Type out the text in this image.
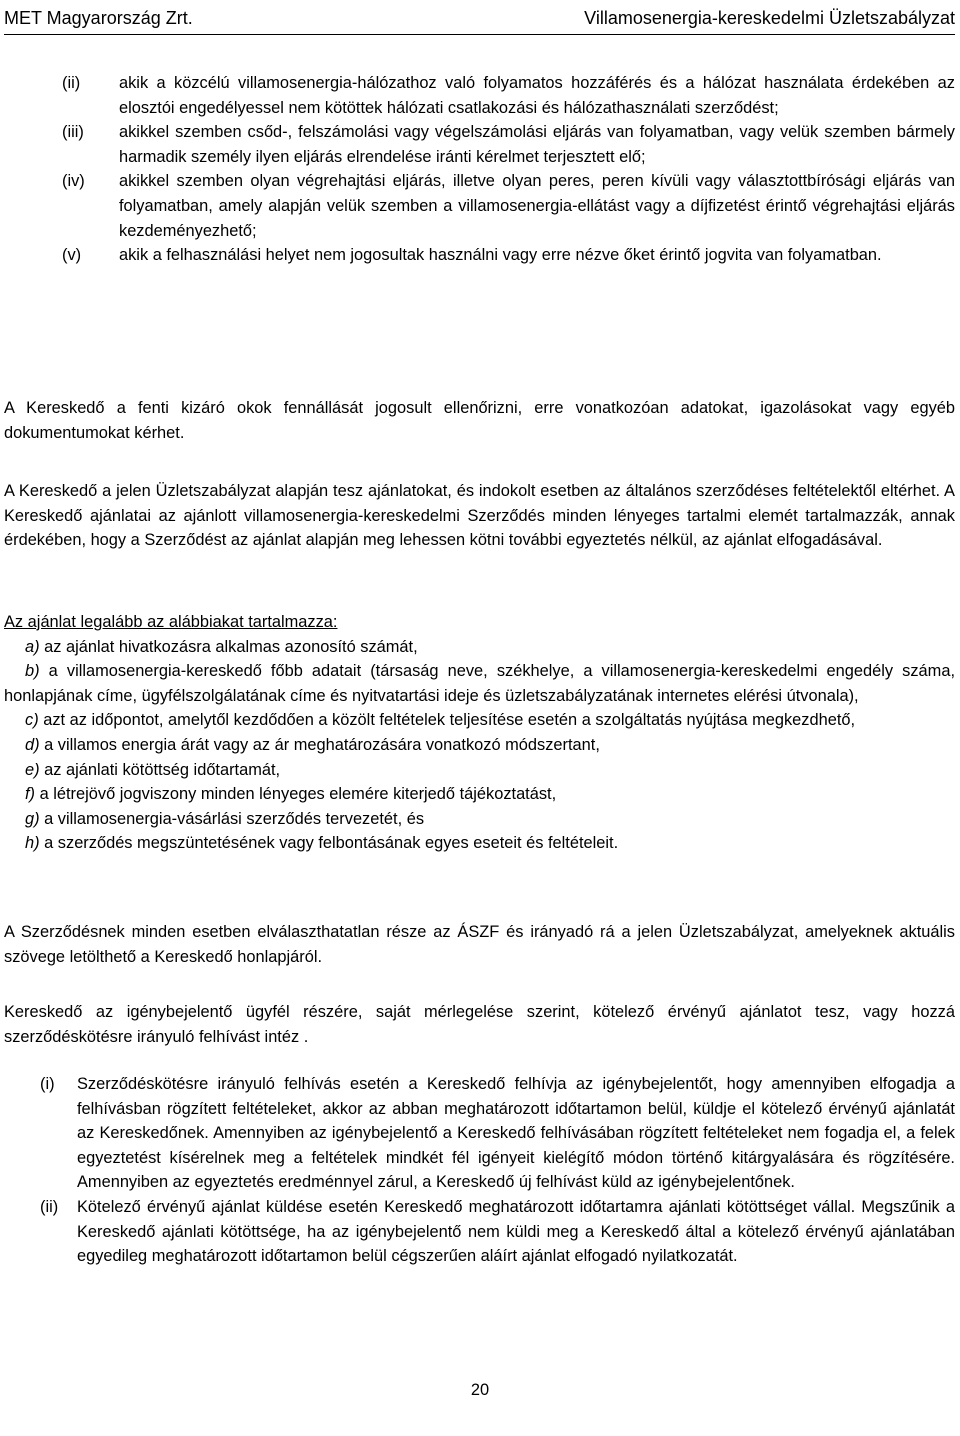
MET Magyarország Zrt.	Villamosenergia-kereskedelmi Üzletszabályzat
(ii) akik a közcélú villamosenergia-hálózathoz való folyamatos hozzáférés és a hálózat használata érdekében az elosztói engedélyessel nem kötöttek hálózati csatlakozási és hálózathasználati szerződést;
(iii) akikkel szemben csőd-, felszámolási vagy végelszámolási eljárás van folyamatban, vagy velük szemben bármely harmadik személy ilyen eljárás elrendelése iránti kérelmet terjesztett elő;
(iv) akikkel szemben olyan végrehajtási eljárás, illetve olyan peres, peren kívüli vagy választottbírósági eljárás van folyamatban, amely alapján velük szemben a villamosenergia-ellátást vagy a díjfizetést érintő végrehajtási eljárás kezdeményezhető;
(v) akik a felhasználási helyet nem jogosultak használni vagy erre nézve őket érintő jogvita van folyamatban.
A Kereskedő a fenti kizáró okok fennállását jogosult ellenőrizni, erre vonatkozóan adatokat, igazolásokat vagy egyéb dokumentumokat kérhet.
A Kereskedő a jelen Üzletszabályzat alapján tesz ajánlatokat, és indokolt esetben az általános szerződéses feltételektől eltérhet. A Kereskedő ajánlatai az ajánlott villamosenergia-kereskedelmi Szerződés minden lényeges tartalmi elemét tartalmazzák, annak érdekében, hogy a Szerződést az ajánlat alapján meg lehessen kötni további egyeztetés nélkül, az ajánlat elfogadásával.
Az ajánlat legalább az alábbiakat tartalmazza:
a) az ajánlat hivatkozásra alkalmas azonosító számát,
b) a villamosenergia-kereskedő főbb adatait (társaság neve, székhelye, a villamosenergia-kereskedelmi engedély száma, honlapjának címe, ügyfélszolgálatának címe és nyitvatartási ideje és üzletszabályzatának internetes elérési útvonala),
c) azt az időpontot, amelytől kezdődően a közölt feltételek teljesítése esetén a szolgáltatás nyújtása megkezdhető,
d) a villamos energia árát vagy az ár meghatározására vonatkozó módszertant,
e) az ajánlati kötöttség időtartamát,
f) a létrejövő jogviszony minden lényeges elemére kiterjedő tájékoztatást,
g) a villamosenergia-vásárlási szerződés tervezetét, és
h) a szerződés megszüntetésének vagy felbontásának egyes eseteit és feltételeit.
A Szerződésnek minden esetben elválaszthatatlan része az ÁSZF és irányadó rá a jelen Üzletszabályzat, amelyeknek aktuális szövege letölthető a Kereskedő honlapjáról.
Kereskedő az igénybejelentő ügyfél részére, saját mérlegelése szerint, kötelező érvényű ajánlatot tesz, vagy hozzá szerződéskötésre irányuló felhívást intéz .
(i) Szerződéskötésre irányuló felhívás esetén a Kereskedő felhívja az igénybejelentőt, hogy amennyiben elfogadja a felhívásban rögzített feltételeket, akkor az abban meghatározott időtartamon belül, küldje el kötelező érvényű ajánlatát az Kereskedőnek. Amennyiben az igénybejelentő a Kereskedő felhívásában rögzített feltételeket nem fogadja el, a felek egyeztetést kísérelnek meg a feltételek mindkét fél igényeit kielégítő módon történő kitárgyalására és rögzítésére. Amennyiben az egyeztetés eredménnyel zárul, a Kereskedő új felhívást küld az igénybejelentőnek.
(ii) Kötelező érvényű ajánlat küldése esetén Kereskedő meghatározott időtartamra ajánlati kötöttséget vállal. Megszűnik a Kereskedő ajánlati kötöttsége, ha az igénybejelentő nem küldi meg a Kereskedő által a kötelező érvényű ajánlatában egyedileg meghatározott időtartamon belül cégszerűen aláírt ajánlat elfogadó nyilatkozatát.
20
